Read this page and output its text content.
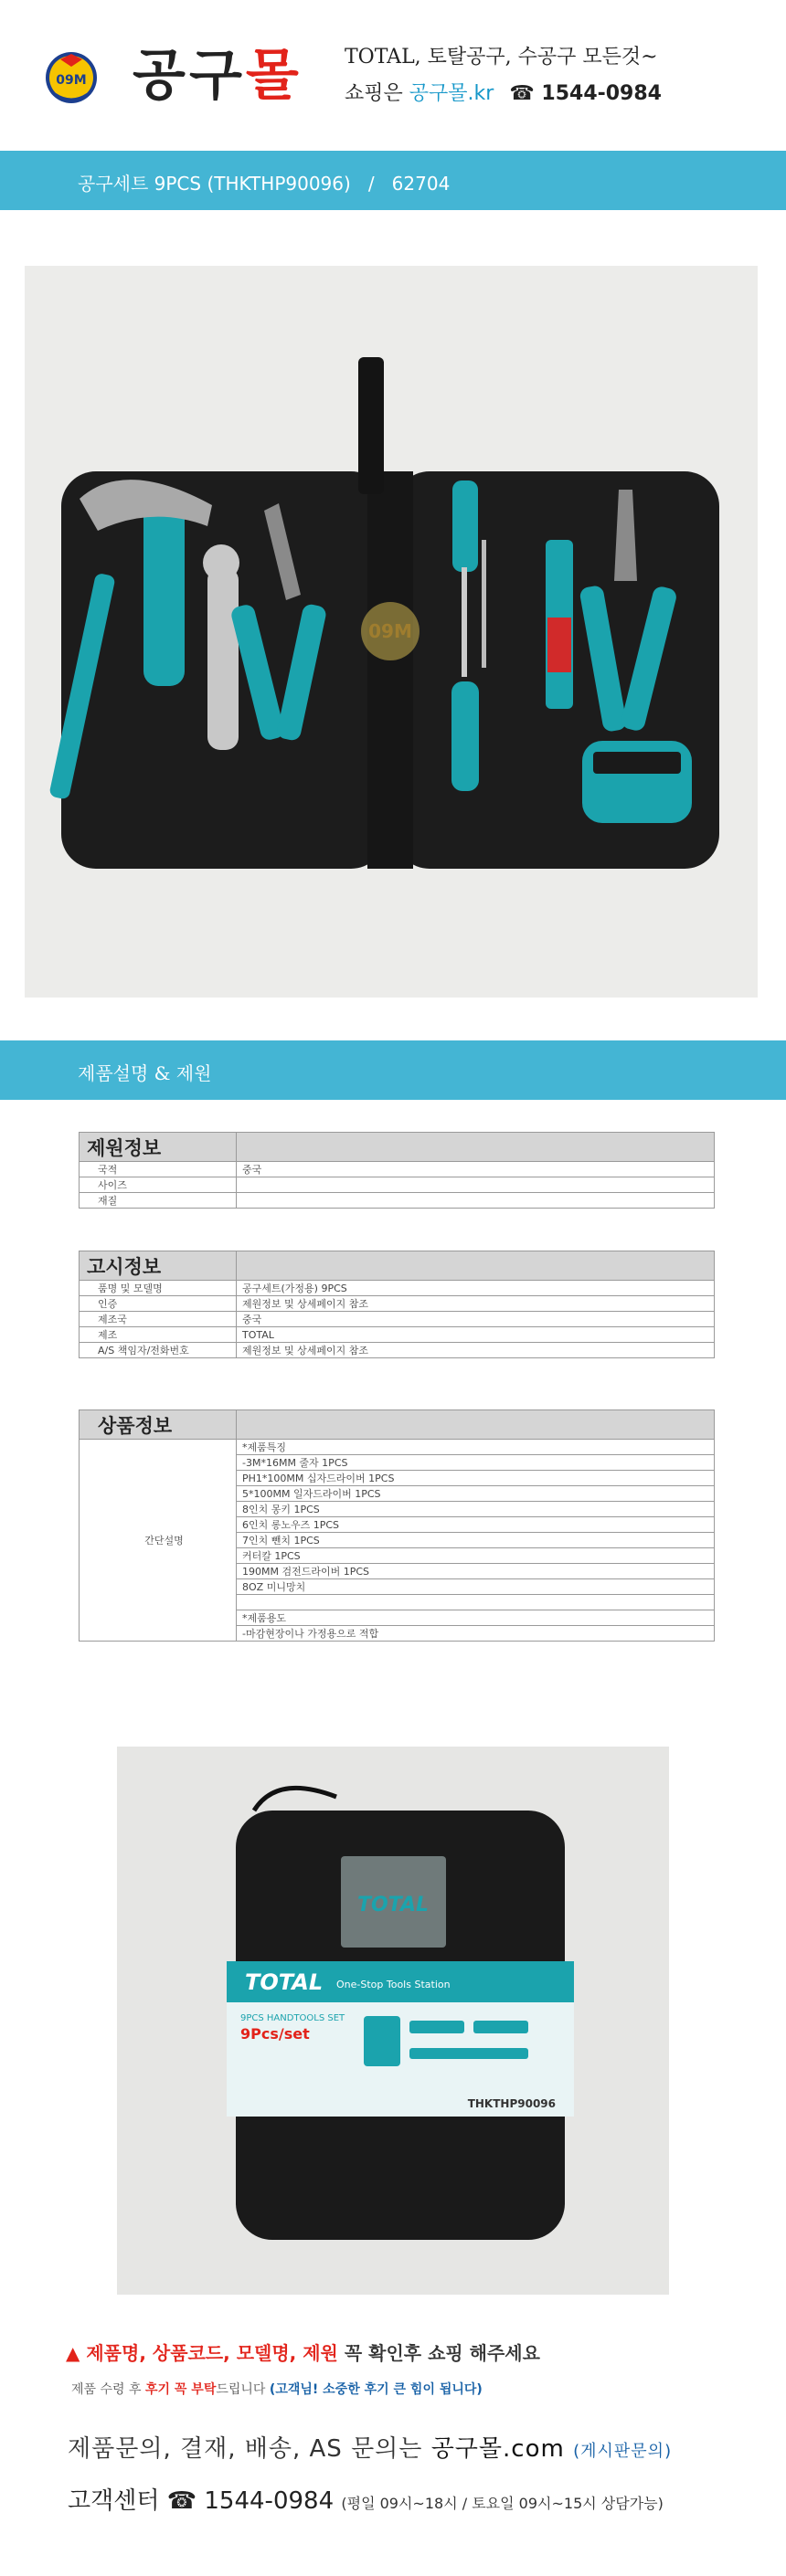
09M 공구몰 TOTAL, 토탈공구, 수공구 모든것~
쇼핑은 공구몰.kr ☎ 1544-0984
공구세트 9PCS (THKTHP90096)   /   62704
09M
제품설명 & 제원
제원정보	
국적	중국
사이즈	
재질	
고시정보	
품명 및 모델명	공구세트(가정용) 9PCS
인증	제원정보 및 상세페이지 참조
제조국	중국
제조	TOTAL
A/S 책임자/전화번호	제원정보 및 상세페이지 참조
상품정보	
간단설명	*제품특징
	-3M*16MM 줄자 1PCS
	PH1*100MM 십자드라이버 1PCS
	5*100MM 일자드라이버 1PCS
	8인치 몽키 1PCS
	6인치 롱노우즈 1PCS
	7인치 뺀치 1PCS
	커터칼 1PCS
	190MM 검전드라이버 1PCS
	8OZ 미니망치

	*제품용도
	-마감현장이나 가정용으로 적합
TOTAL
TOTAL One-Stop Tools Station
9PCS HANDTOOLS SET
9Pcs/set
THKTHP90096
▲ 제품명, 상품코드, 모델명, 제원 꼭 확인후 쇼핑 해주세요
제품 수령 후 후기 꼭 부탁드립니다 (고객님! 소중한 후기 큰 힘이 됩니다)
제품문의, 결재, 배송, AS 문의는 공구몰.com (게시판문의)
고객센터 ☎ 1544-0984 (평일 09시~18시 / 토요일 09시~15시 상담가능)
